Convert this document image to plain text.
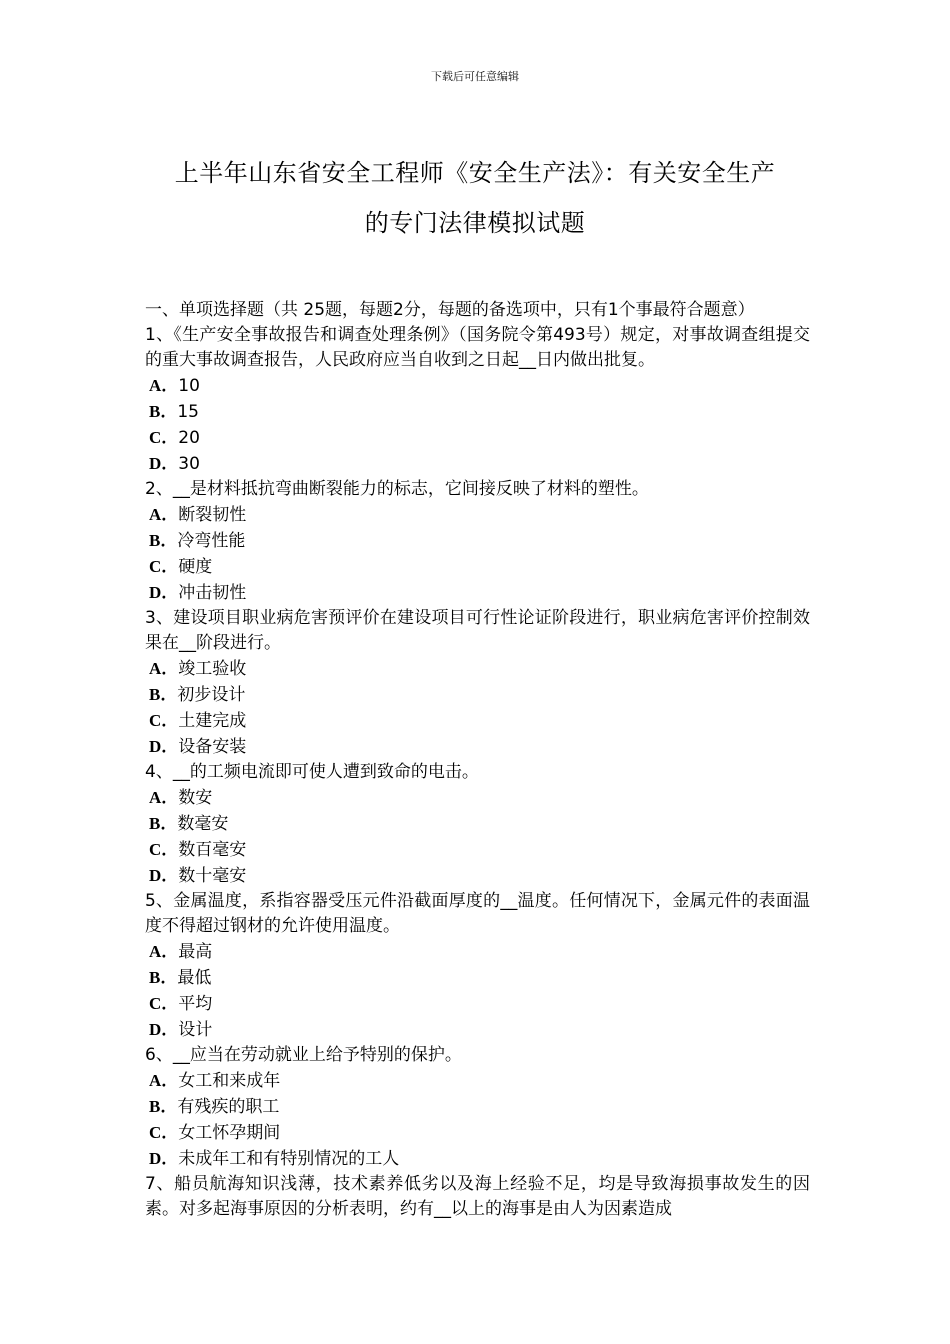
下载后可任意编辑
上半年山东省安全工程师《安全生产法》：有关安全生产
的专门法律模拟试题

一、单项选择题（共 25题，每题2分，每题的备选项中，只有1个事最符合题意）

1、《生产安全事故报告和调查处理条例》（国务院令第493号）规定，对事故调查组提交的重大事故调查报告，人民政府应当自收到之日起__日内做出批复。

A．10

B．15

C．20

D．30

2、__是材料抵抗弯曲断裂能力的标志，它间接反映了材料的塑性。

A．断裂韧性

B．冷弯性能

C．硬度

D．冲击韧性

3、建设项目职业病危害预评价在建设项目可行性论证阶段进行，职业病危害评价控制效果在__阶段进行。

A．竣工验收

B．初步设计

C．土建完成

D．设备安装

4、__的工频电流即可使人遭到致命的电击。

A．数安

B．数毫安

C．数百毫安

D．数十毫安

5、金属温度，系指容器受压元件沿截面厚度的__温度。任何情况下，金属元件的表面温度不得超过钢材的允许使用温度。

A．最高

B．最低

C．平均

D．设计

6、__应当在劳动就业上给予特别的保护。

A．女工和来成年

B．有残疾的职工

C．女工怀孕期间

D．未成年工和有特别情况的工人

7、船员航海知识浅薄，技术素养低劣以及海上经验不足，均是导致海损事故发生的因素。对多起海事原因的分析表明，约有__以上的海事是由人为因素造成
